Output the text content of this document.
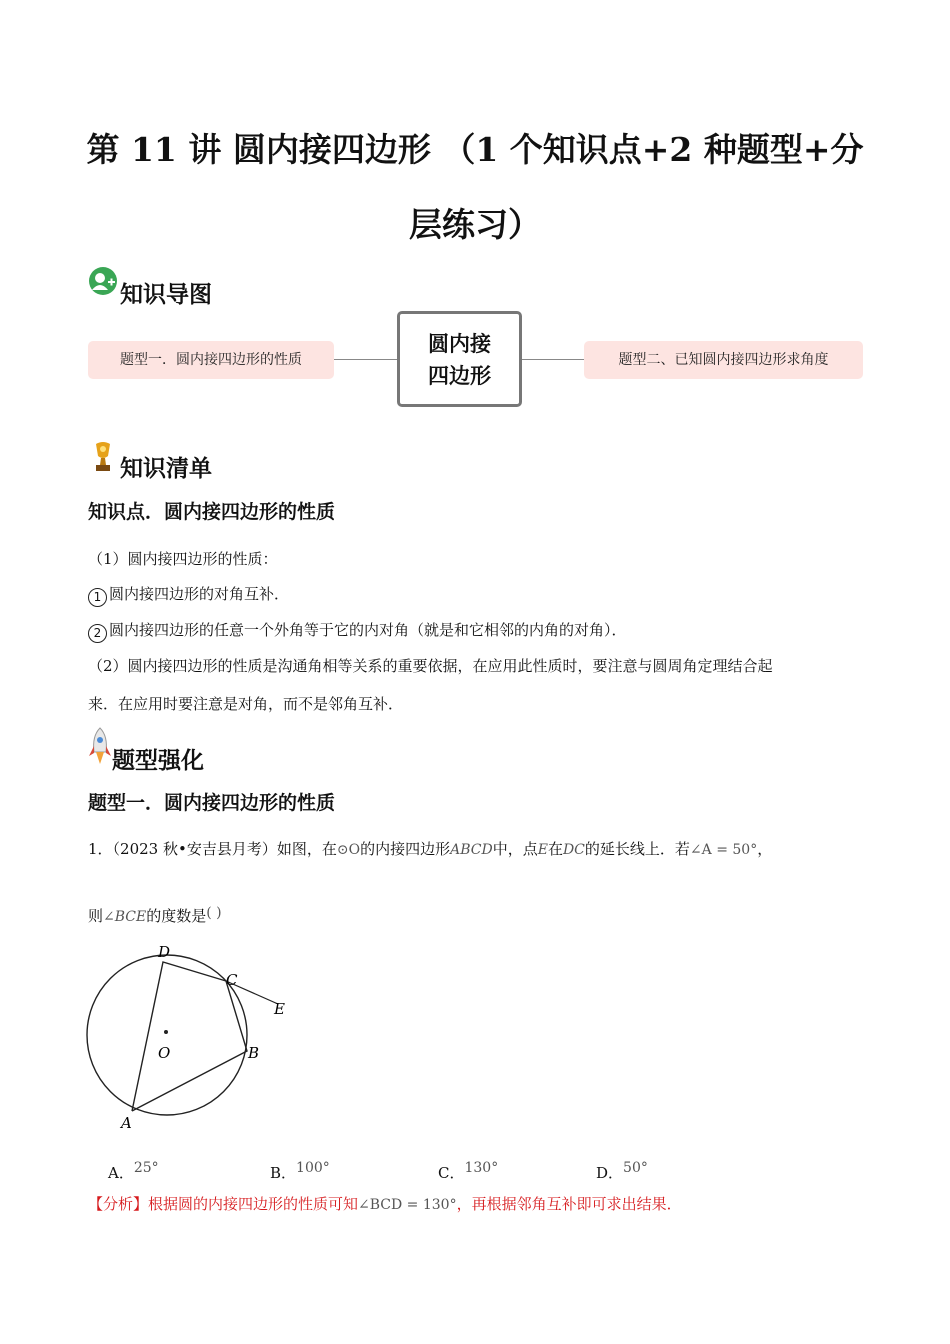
第 11 讲 圆内接四边形 （1 个知识点+2 种题型+分
层练习）
知识导图
题型一．圆内接四边形的性质
圆内接
四边形
题型二、已知圆内接四边形求角度
知识清单
知识点．圆内接四边形的性质
（1）圆内接四边形的性质：
1 圆内接四边形的对角互补．
2 圆内接四边形的任意一个外角等于它的内对角（就是和它相邻的内角的对角）．
（2）圆内接四边形的性质是沟通角相等关系的重要依据，在应用此性质时，要注意与圆周角定理结合起
来．在应用时要注意是对角，而不是邻角互补．
题型强化
题型一．圆内接四边形的性质
1．（2023 秋•安吉县月考）如图，在⊙O的内接四边形ABCD中，点E在DC的延长线上．若∠A = 50°，
则∠BCE的度数是( )
D
C
E
O	B
A
A．25°	B．100°	C．130°	D．50°
【分析】根据圆的内接四边形的性质可知∠BCD = 130°，再根据邻角互补即可求出结果．
